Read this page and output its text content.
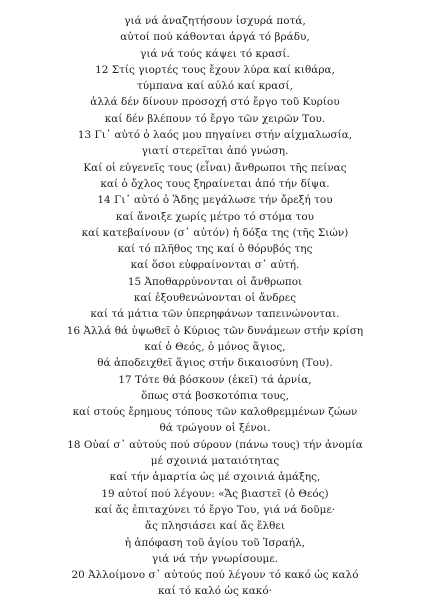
γιά νά ἀναζητήσουν ἰσχυρά ποτά,
αὐτοί πού κάθονται ἀργά τό βράδυ,
γιά νά τούς κάψει τό κρασί.
12 Στίς γιορτές τους ἔχουν λύρα καί κιθάρα,
τύμπανα καί αὐλό καί κρασί,
ἀλλά δέν δίνουν προσοχή στό ἔργο τοῦ Κυρίου
καί δέν βλέπουν τό ἔργο τῶν χειρῶν Του.
13 Γι᾽ αὐτό ὁ λαός μου πηγαίνει στήν αἰχμαλωσία,
γιατί στερεῖται ἀπό γνώση.
Καί οἱ εὐγενεῖς τους (εἶναι) ἄνθρωποι τῆς πείνας
καί ὁ ὄχλος τους ξηραίνεται ἀπό τήν δίψα.
14 Γι᾽ αὐτό ὁ Ἅδης μεγάλωσε τήν ὄρεξή του
καί ἄνοιξε χωρίς μέτρο τό στόμα του
καί κατεβαίνουν (σ᾽ αὐτόν) ἡ δόξα της (τῆς Σιών)
καί τό πλῆθος της καί ὁ θόρυβός της
καί ὅσοι εὐφραίνονται σ᾽ αὐτή.
15 Ἀποθαρρύνονται οἱ ἄνθρωποι
καί ἐξουθενώνονται οἱ ἄνδρες
καί τά μάτια τῶν ὑπερηφάνων ταπεινώνονται.
16 Ἀλλά θά ὑψωθεῖ ὁ Κύριος τῶν δυνάμεων στήν κρίση
καί ὁ Θεός, ὁ μόνος ἅγιος,
θά ἀποδειχθεῖ ἅγιος στήν δικαιοσύνη (Του).
17 Τότε θά βόσκουν (ἐκεῖ) τά ἀρνία,
ὅπως στά βοσκοτόπια τους,
καί στούς ἔρημους τόπους τῶν καλοθρεμμένων ζώων
θά τρώγουν οἱ ξένοι.
18 Οὐαί σ᾽ αὐτούς πού σύρουν (πάνω τους) τήν ἀνομία
μέ σχοινιά ματαιότητας
καί τήν ἁμαρτία ὡς μέ σχοινιά ἁμάξης,
19 αὐτοί πού λέγουν: «Ἄς βιαστεῖ (ὁ Θεός)
καί ἄς ἐπιταχύνει τό ἔργο Του, γιά νά δοῦμε·
ἄς πλησιάσει καί ἄς ἔλθει
ἡ ἀπόφαση τοῦ ἁγίου τοῦ Ἰσραήλ,
γιά νά τήν γνωρίσουμε.
20 Ἀλλοίμονο σ᾽ αὐτούς πού λέγουν τό κακό ὡς καλό
καί τό καλό ὡς κακό·
